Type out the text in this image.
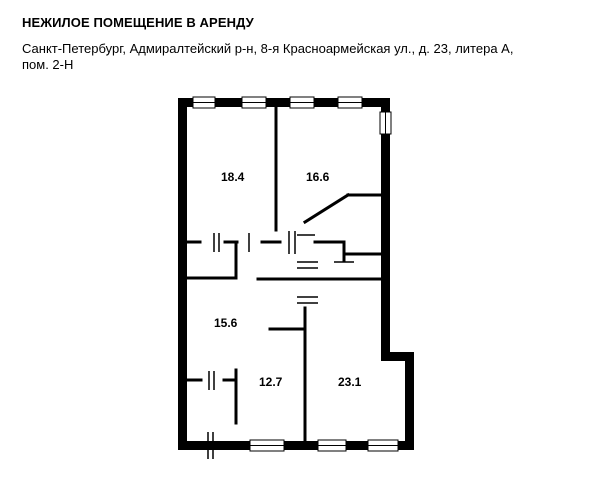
НЕЖИЛОЕ ПОМЕЩЕНИЕ В АРЕНДУ
Санкт-Петербург, Адмиралтейский р-н, 8-я Красноармейская ул., д. 23, литера А,
пом. 2-Н
18.4	16.6
15.6
12.7	23.1
